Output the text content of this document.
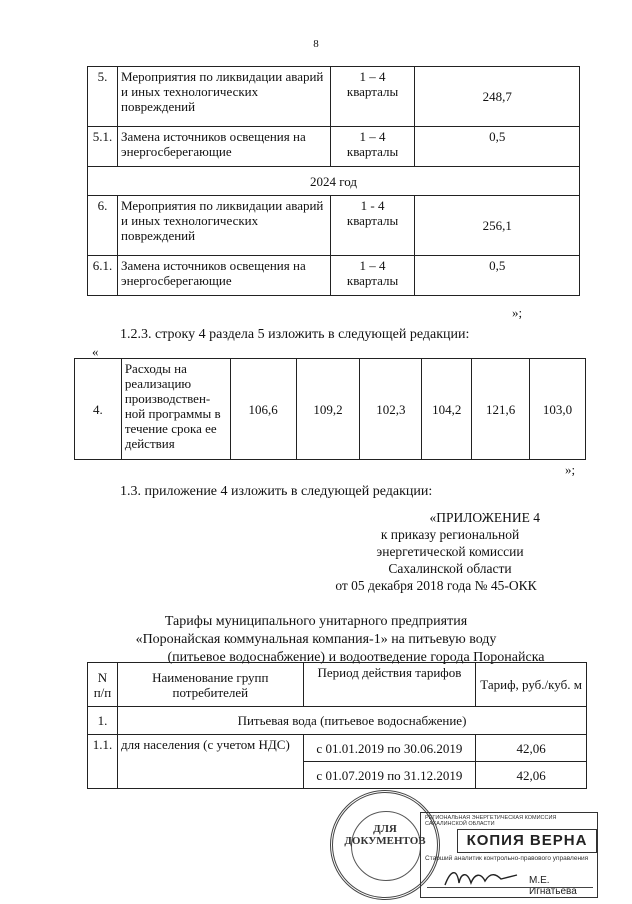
8
5.	Мероприятия по ликвидации аварий и иных технологических повреждений	1 – 4 кварталы	248,7
5.1.	Замена источников освещения на энергосберегающие	1 – 4 кварталы	0,5
2024 год			
6.	Мероприятия по ликвидации аварий и иных технологических повреждений	1 - 4 кварталы	256,1
6.1.	Замена источников освещения на энергосберегающие	1 – 4 кварталы	0,5
»;
1.2.3. строку 4 раздела 5 изложить в следующей редакции:
«
4.	Расходы на реализацию производствен-ной программы в течение срока ее действия	106,6	109,2	102,3	104,2	121,6	103,0
»;
1.3. приложение 4 изложить в следующей редакции:
«ПРИЛОЖЕНИЕ 4
к приказу региональной
энергетической комиссии
Сахалинской области
от 05 декабря 2018 года № 45-ОКК
Тарифы муниципального унитарного предприятия
«Поронайская коммунальная компания-1» на питьевую воду
(питьевое водоснабжение) и водоотведение города Поронайска
N п/п	Наименование групп потребителей	Период действия тарифов	Тариф, руб./куб. м
1.	Питьевая вода (питьевое водоснабжение)		
1.1.	для населения (с учетом НДС)	с 01.01.2019 по 30.06.2019	42,06
		с 01.07.2019 по 31.12.2019	42,06
ДЛЯ ДОКУМЕНТОВ
РЕГИОНАЛЬНАЯ ЭНЕРГЕТИЧЕСКАЯ КОМИССИЯ САХАЛИНСКОЙ ОБЛАСТИ
КОПИЯ ВЕРНА
Старший аналитик контрольно-правового управления
М.Е. Игнатьева
